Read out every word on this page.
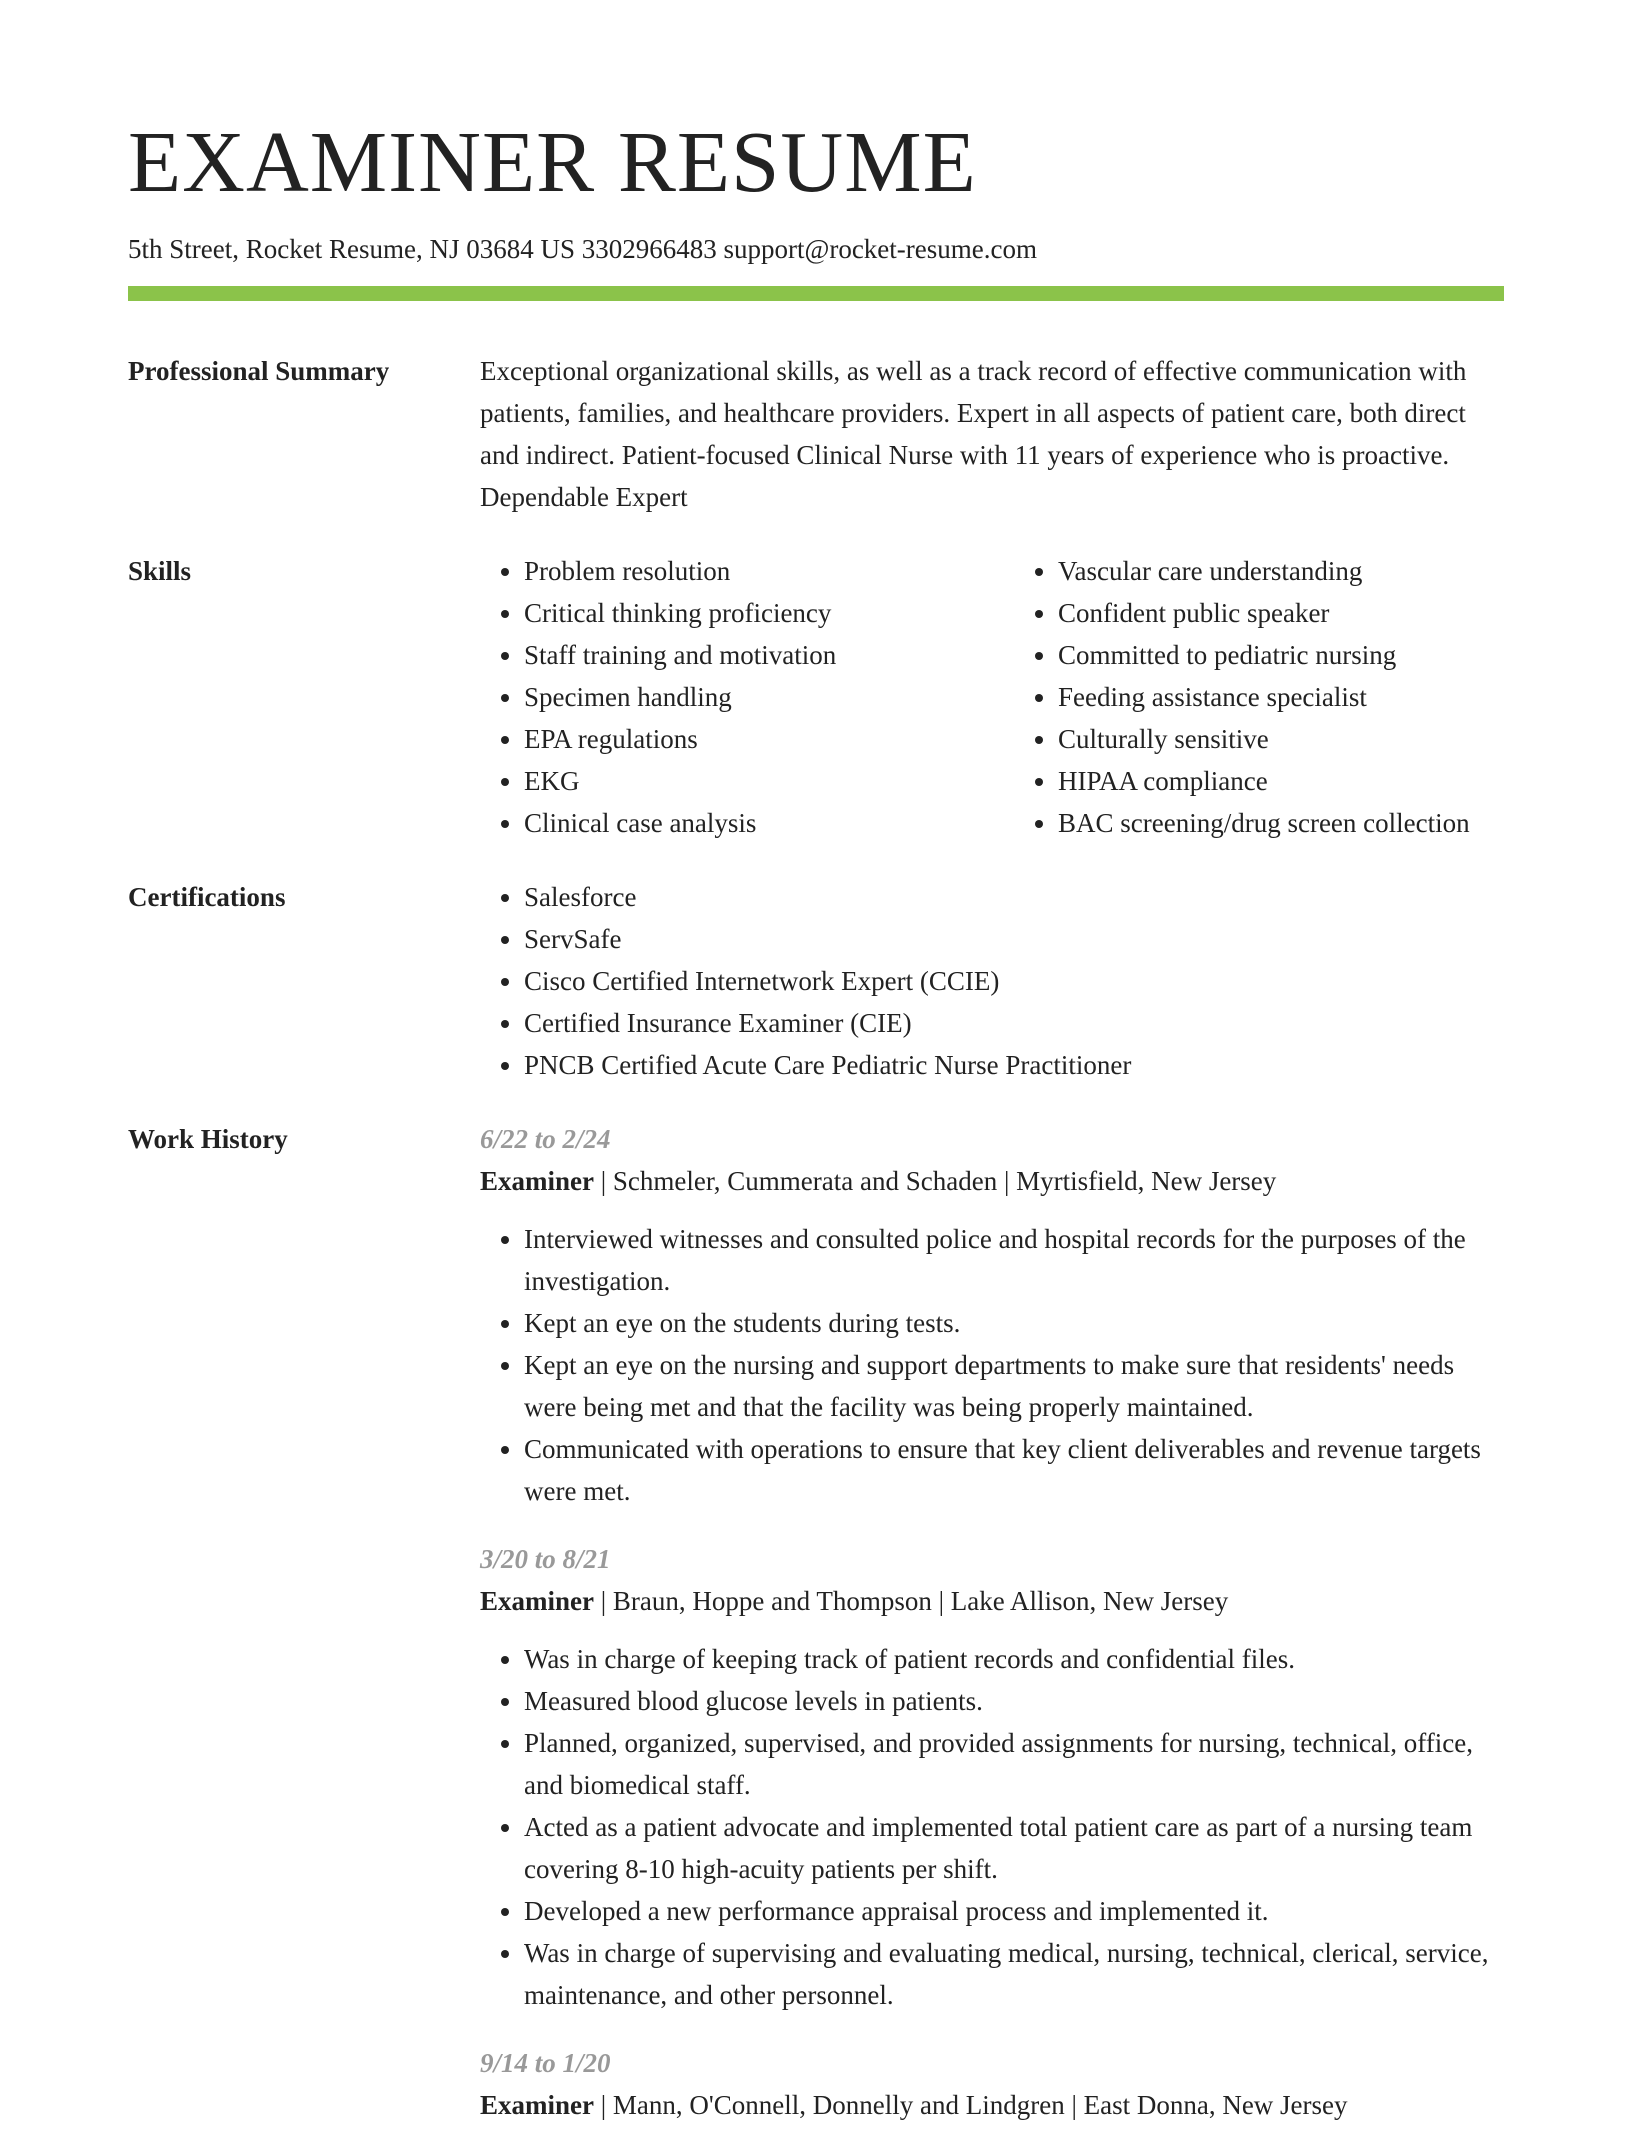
EXAMINER RESUME
5th Street, Rocket Resume, NJ 03684 US 3302966483 support@rocket-resume.com
Professional Summary	Exceptional organizational skills, as well as a track record of effective communication with patients, families, and healthcare providers. Expert in all aspects of patient care, both direct and indirect. Patient-focused Clinical Nurse with 11 years of experience who is proactive. Dependable Expert

Skills	• Problem resolution
• Critical thinking proficiency
• Staff training and motivation
• Specimen handling
• EPA regulations
• EKG
• Clinical case analysis
• Vascular care understanding
• Confident public speaker
• Committed to pediatric nursing
• Feeding assistance specialist
• Culturally sensitive
• HIPAA compliance
• BAC screening/drug screen collection
Certifications	• Salesforce
• ServSafe
• Cisco Certified Internetwork Expert (CCIE)
• Certified Insurance Examiner (CIE)
• PNCB Certified Acute Care Pediatric Nurse Practitioner
Work History	6/22 to 2/24
Examiner | Schmeler, Cummerata and Schaden | Myrtisfield, New Jersey
• Interviewed witnesses and consulted police and hospital records for the purposes of the investigation.
• Kept an eye on the students during tests.
• Kept an eye on the nursing and support departments to make sure that residents' needs were being met and that the facility was being properly maintained.
• Communicated with operations to ensure that key client deliverables and revenue targets were met.
3/20 to 8/21
Examiner | Braun, Hoppe and Thompson | Lake Allison, New Jersey
• Was in charge of keeping track of patient records and confidential files.
• Measured blood glucose levels in patients.
• Planned, organized, supervised, and provided assignments for nursing, technical, office, and biomedical staff.
• Acted as a patient advocate and implemented total patient care as part of a nursing team covering 8-10 high-acuity patients per shift.
• Developed a new performance appraisal process and implemented it.
• Was in charge of supervising and evaluating medical, nursing, technical, clerical, service, maintenance, and other personnel.
9/14 to 1/20
Examiner | Mann, O'Connell, Donnelly and Lindgren | East Donna, New Jersey
